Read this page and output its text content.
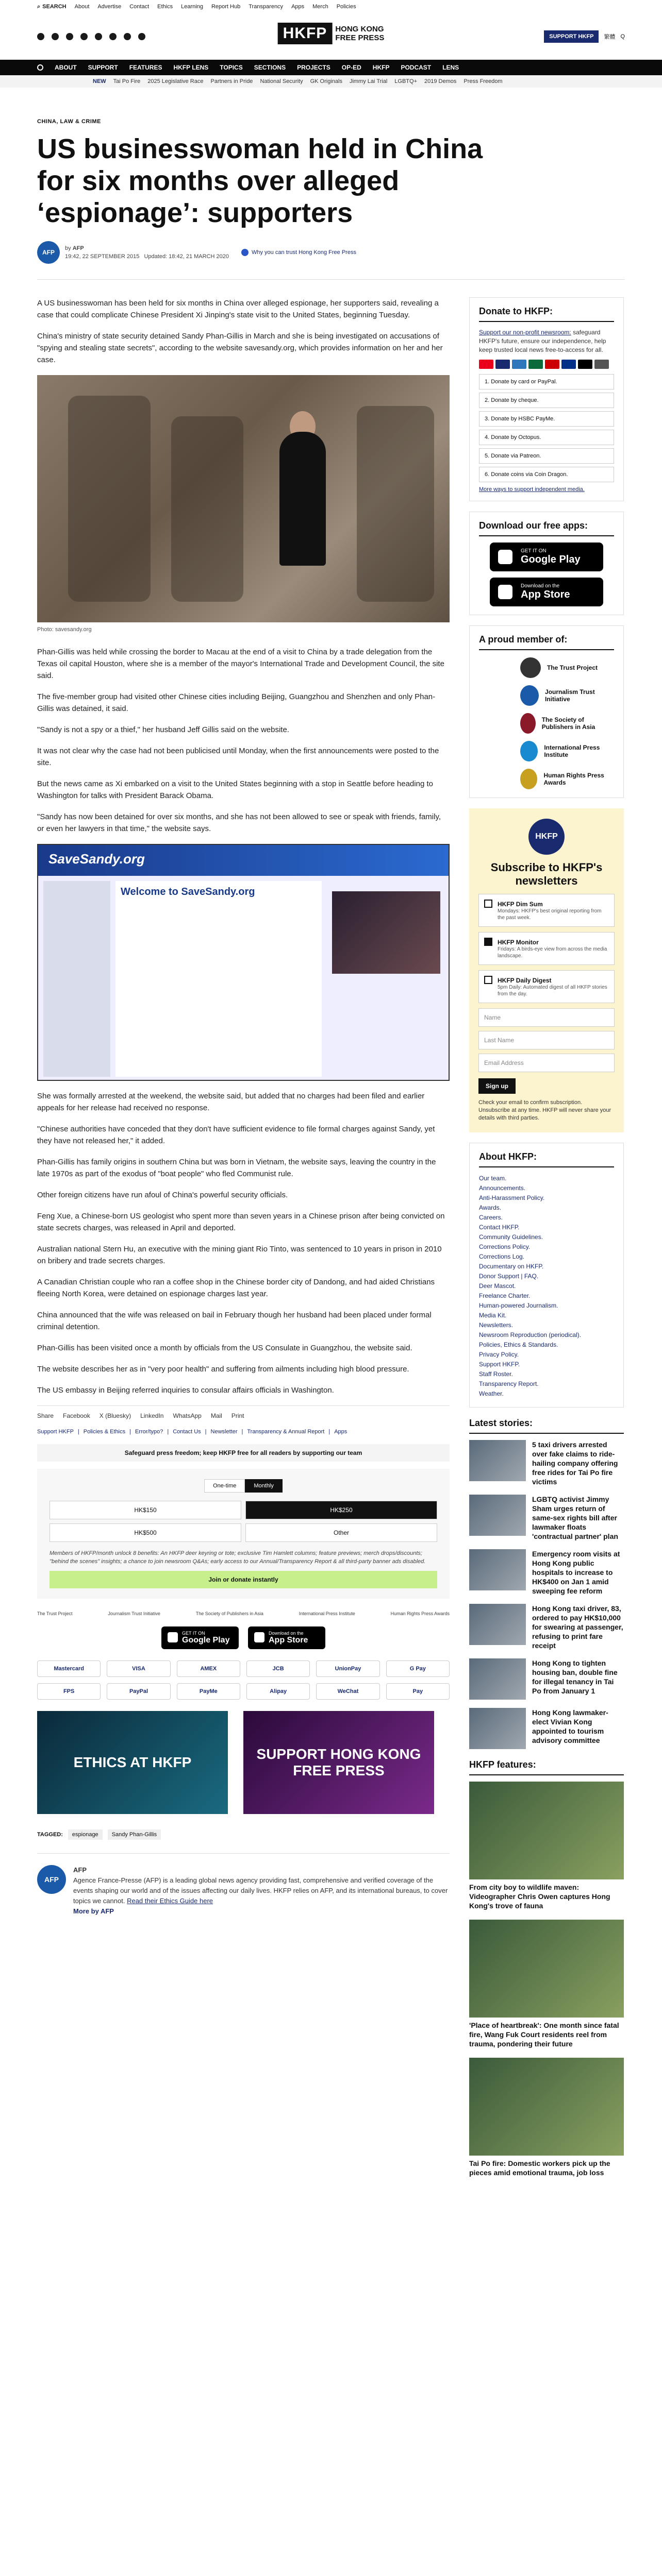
⌕ SEARCH About Advertise Contact Ethics Learning Report Hub Transparency Apps Merch Policies
HKFP	HONG KONG
FREE PRESS	SUPPORT HKFP	繁體 Q
ABOUT SUPPORT FEATURES HKFP LENS TOPICS SECTIONS PROJECTS OP-ED HKFP PODCAST LENS
NEW Tai Po Fire 2025 Legislative Race Partners in Pride National Security GK Originals Jimmy Lai Trial LGBTQ+ 2019 Demos Press Freedom
CHINA, LAW & CRIME
US businesswoman held in China for six months over alleged ‘espionage’: supporters
AFP
by AFP
19:42, 22 SEPTEMBER 2015 Updated: 18:42, 21 MARCH 2020
Why you can trust Hong Kong Free Press

A US businesswoman has been held for six months in China over alleged espionage, her supporters said, revealing a case that could complicate Chinese President Xi Jinping's state visit to the United States, beginning Tuesday.

China's ministry of state security detained Sandy Phan-Gillis in March and she is being investigated on accusations of "spying and stealing state secrets", according to the website savesandy.org, which provides information on her and her case.

Photo: savesandy.org

Phan-Gillis was held while crossing the border to Macau at the end of a visit to China by a trade delegation from the Texas oil capital Houston, where she is a member of the mayor's International Trade and Development Council, the site said.

The five-member group had visited other Chinese cities including Beijing, Guangzhou and Shenzhen and only Phan-Gillis was detained, it said.

"Sandy is not a spy or a thief," her husband Jeff Gillis said on the website.

It was not clear why the case had not been publicised until Monday, when the first announcements were posted to the site.

But the news came as Xi embarked on a visit to the United States beginning with a stop in Seattle before heading to Washington for talks with President Barack Obama.

"Sandy has now been detained for over six months, and she has not been allowed to see or speak with friends, family, or even her lawyers in that time," the website says.

SaveSandy.org
Welcome to SaveSandy.org

She was formally arrested at the weekend, the website said, but added that no charges had been filed and earlier appeals for her release had received no response.

"Chinese authorities have conceded that they don't have sufficient evidence to file formal charges against Sandy, yet they have not released her," it added.

Phan-Gillis has family origins in southern China but was born in Vietnam, the website says, leaving the country in the late 1970s as part of the exodus of "boat people" who fled Communist rule.

Other foreign citizens have run afoul of China's powerful security officials.

Feng Xue, a Chinese-born US geologist who spent more than seven years in a Chinese prison after being convicted on state secrets charges, was released in April and deported.

Australian national Stern Hu, an executive with the mining giant Rio Tinto, was sentenced to 10 years in prison in 2010 on bribery and trade secrets charges.

A Canadian Christian couple who ran a coffee shop in the Chinese border city of Dandong, and had aided Christians fleeing North Korea, were detained on espionage charges last year.

China announced that the wife was released on bail in February though her husband had been placed under formal criminal detention.

Phan-Gillis has been visited once a month by officials from the US Consulate in Guangzhou, the website said.

The website describes her as in "very poor health" and suffering from ailments including high blood pressure.

The US embassy in Beijing referred inquiries to consular affairs officials in Washington.

Share Facebook X (Bluesky) LinkedIn WhatsApp Mail Print
Support HKFP | Policies & Ethics | Error/typo? | Contact Us | Newsletter | Transparency & Annual Report | Apps
Safeguard press freedom; keep HKFP free for all readers by supporting our team
One-time	Monthly
HK$150	HK$250
HK$500	Other
Members of HKFP/month unlock 8 benefits: An HKFP deer keyring or tote; exclusive Tim Hamlett columns; feature previews; merch drops/discounts; "behind the scenes" insights; a chance to join newsroom Q&As; early access to our Annual/Transparency Report & all third-party banner ads disabled.
Join or donate instantly
The Trust Project	Journalism Trust Initiative	The Society of Publishers in Asia	International Press Institute	Human Rights Press Awards
GET IT ON
Google Play
Download on the
App Store
Mastercard	VISA	AMEX	JCB	UnionPay	G Pay
FPS	PayPal	PayMe	Alipay	WeChat	Pay
ETHICS AT HKFP
SUPPORT HONG KONG FREE PRESS
TAGGED:	espionage	Sandy Phan-Gillis
AFP
AFP
Agence France-Presse (AFP) is a leading global news agency providing fast, comprehensive and verified coverage of the events shaping our world and of the issues affecting our daily lives. HKFP relies on AFP, and its international bureaus, to cover topics we cannot. Read their Ethics Guide here
More by AFP
Donate to HKFP:

Support our non-profit newsroom: safeguard HKFP's future, ensure our independence, help keep trusted local news free-to-access for all.

1. Donate by card or PayPal.
2. Donate by cheque.
3. Donate by HSBC PayMe.
4. Donate by Octopus.
5. Donate via Patreon.
6. Donate coins via Coin Dragon.
More ways to support independent media.
Download our free apps:
GET IT ON
Google Play
Download on the
App Store
A proud member of:
The Trust Project
Journalism Trust Initiative
The Society of Publishers in Asia
International Press Institute
Human Rights Press Awards
HKFP
Subscribe to HKFP's newsletters
HKFP Dim Sum
Mondays: HKFP's best original reporting from the past week.
HKFP Monitor
Fridays: A birds-eye view from across the media landscape.
HKFP Daily Digest
5pm Daily: Automated digest of all HKFP stories from the day.
Name
Last Name
Email Address
Sign up
Check your email to confirm subscription. Unsubscribe at any time. HKFP will never share your details with third parties.
About HKFP:
Our team.
Announcements.
Anti-Harassment Policy.
Awards.
Careers.
Contact HKFP.
Community Guidelines.
Corrections Policy.
Corrections Log.
Documentary on HKFP.
Donor Support | FAQ.
Deer Mascot.
Freelance Charter.
Human-powered Journalism.
Media Kit.
Newsletters.
Newsroom Reproduction (periodical).
Policies, Ethics & Standards.
Privacy Policy.
Support HKFP.
Staff Roster.
Transparency Report.
Weather.
Latest stories:
5 taxi drivers arrested over fake claims to ride-hailing company offering free rides for Tai Po fire victims
LGBTQ activist Jimmy Sham urges return of same-sex rights bill after lawmaker floats 'contractual partner' plan
Emergency room visits at Hong Kong public hospitals to increase to HK$400 on Jan 1 amid sweeping fee reform
Hong Kong taxi driver, 83, ordered to pay HK$10,000 for swearing at passenger, refusing to print fare receipt
Hong Kong to tighten housing ban, double fine for illegal tenancy in Tai Po from January 1
Hong Kong lawmaker-elect Vivian Kong appointed to tourism advisory committee
HKFP features:
From city boy to wildlife maven: Videographer Chris Owen captures Hong Kong's trove of fauna
'Place of heartbreak': One month since fatal fire, Wang Fuk Court residents reel from trauma, pondering their future
Tai Po fire: Domestic workers pick up the pieces amid emotional trauma, job loss
